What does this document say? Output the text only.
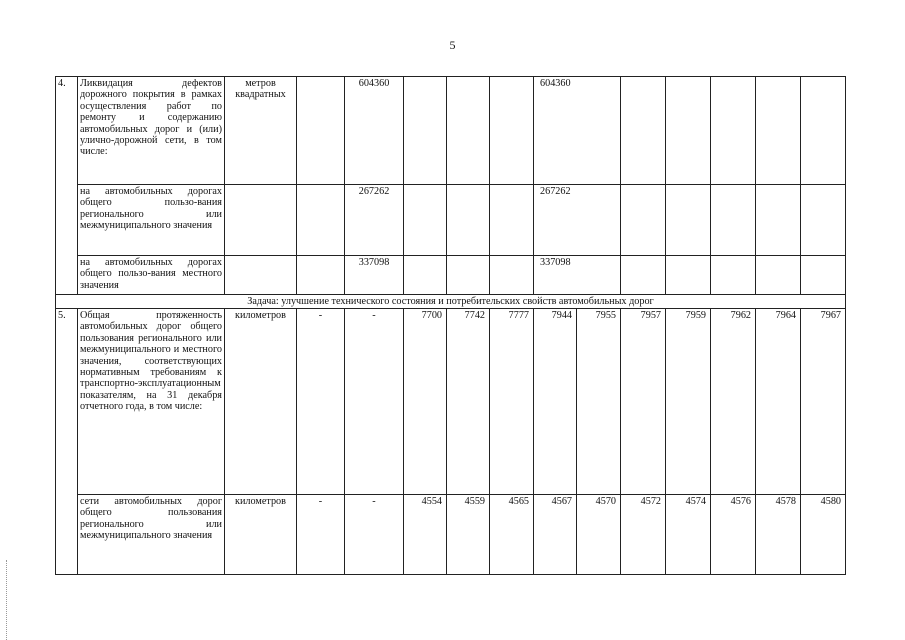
5
4.	Ликвидация дефектов дорожного покрытия в рамках осуществления работ по ремонту и содержанию автомобильных дорог и (или) улично-дорожной сети, в том числе:	метров квадратных		604360				604360						
	на автомобильных дорогах общего пользо-вания регионального или межмуниципального значения			267262				267262						
	на автомобильных дорогах общего пользо-вания местного значения			337098				337098						
Задача: улучшение технического состояния и потребительских свойств автомобильных дорог														
5.	Общая протяженность автомобильных дорог общего пользования регионального или межмуниципального и местного значения, соответствующих нормативным требованиям к транспортно-эксплуатационным показателям, на 31 декабря отчетного года, в том числе:	километров	-	-	7700	7742	7777	7944	7955	7957	7959	7962	7964	7967
	сети автомобильных дорог общего пользования регионального или межмуниципального значения	километров	-	-	4554	4559	4565	4567	4570	4572	4574	4576	4578	4580
